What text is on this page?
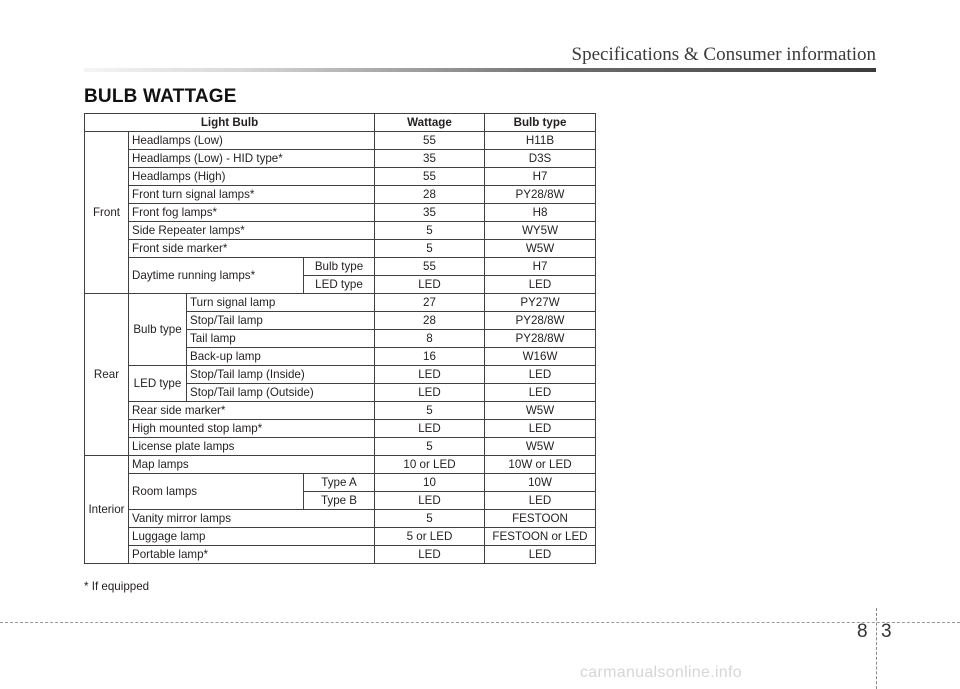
Specifications & Consumer information
BULB WATTAGE
Light Bulb				Wattage	Bulb type
Front	Headlamps (Low)			55	H11B
	Headlamps (Low) - HID type*			35	D3S
	Headlamps (High)			55	H7
	Front turn signal lamps*			28	PY28/8W
	Front fog lamps*			35	H8
	Side Repeater lamps*			5	WY5W
	Front side marker*			5	W5W
	Daytime running lamps*		Bulb type	55	H7
			LED type	LED	LED
Rear	Bulb type	Turn signal lamp		27	PY27W
		Stop/Tail lamp		28	PY28/8W
		Tail lamp		8	PY28/8W
		Back-up lamp		16	W16W
	LED type	Stop/Tail lamp (Inside)		LED	LED
		Stop/Tail lamp (Outside)		LED	LED
	Rear side marker*			5	W5W
	High mounted stop lamp*			LED	LED
	License plate lamps			5	W5W
Interior	Map lamps			10 or LED	10W or LED
	Room lamps		Type A	10	10W
			Type B	LED	LED
	Vanity mirror lamps			5	FESTOON
	Luggage lamp			5 or LED	FESTOON or LED
	Portable lamp*			LED	LED
* If equipped
8 3
carmanualsonline.info
